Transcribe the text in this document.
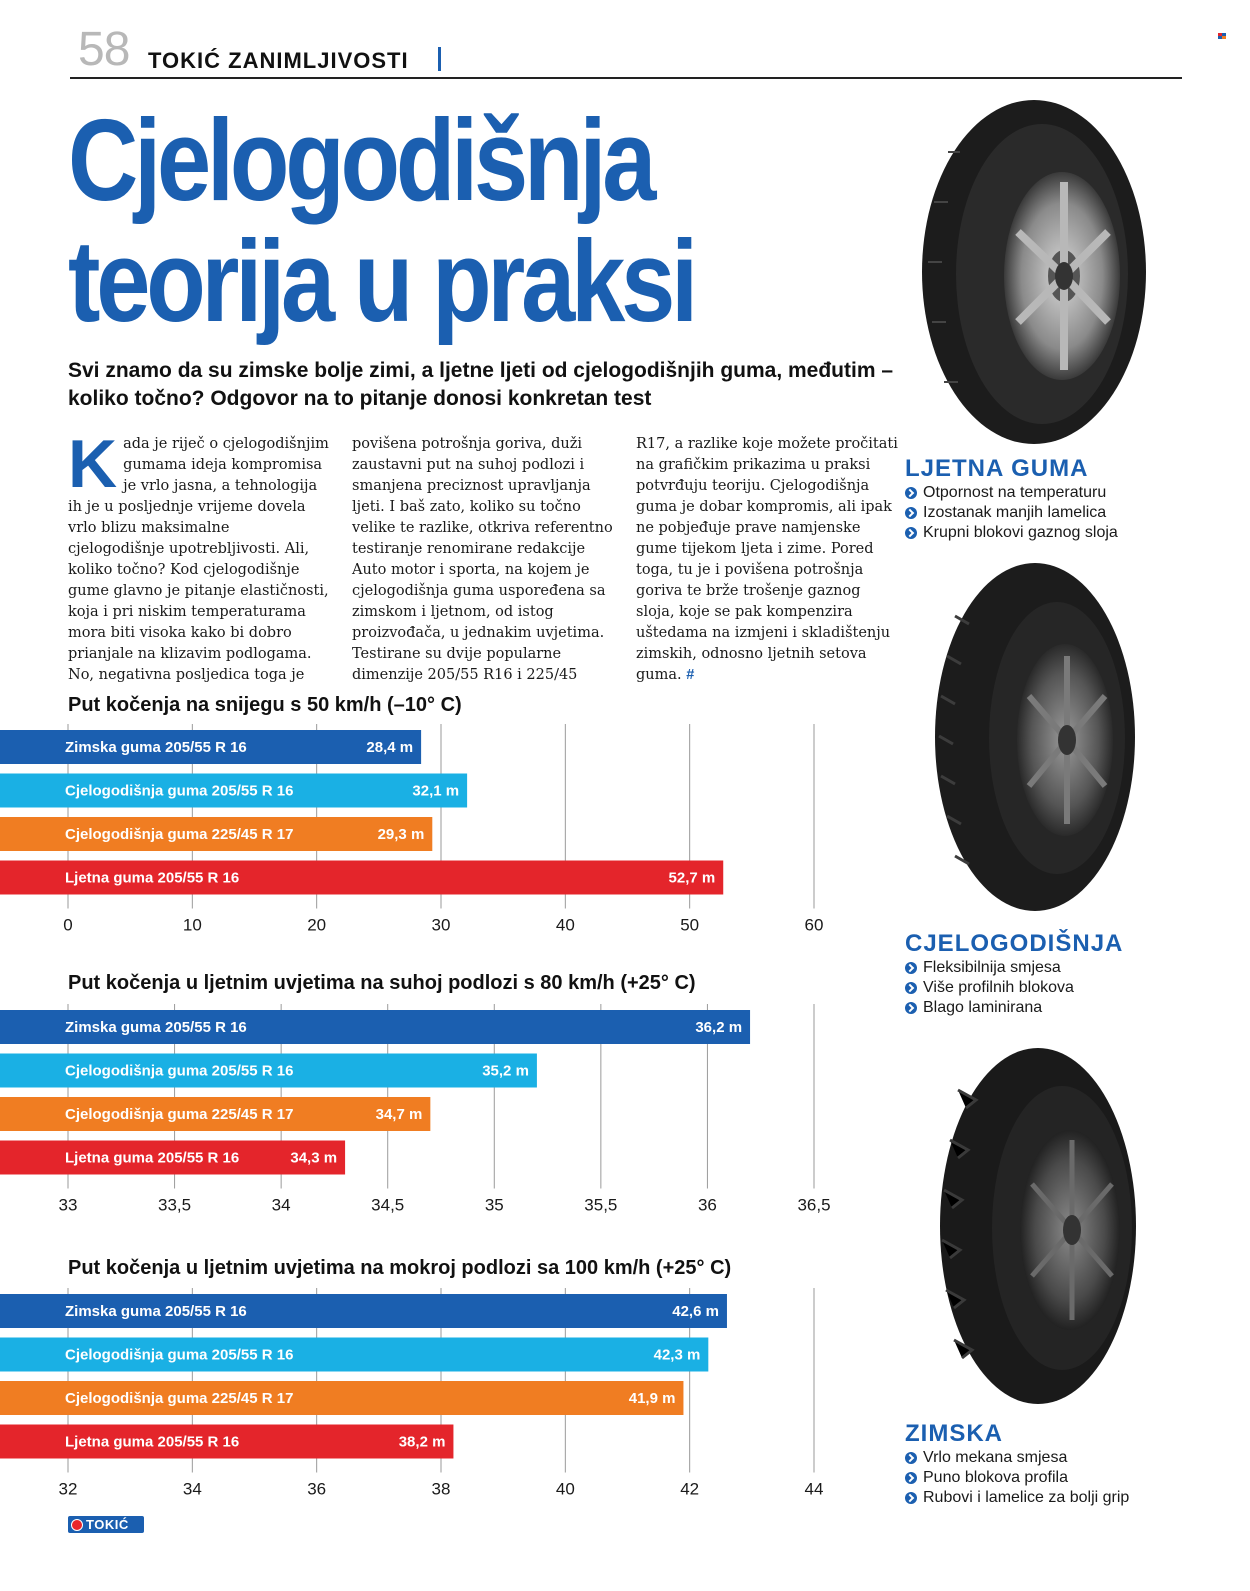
58 TOKIĆ ZANIMLJIVOSTI
Cjelogodišnja
teorija u praksi
Svi znamo da su zimske bolje zimi, a ljetne ljeti od cjelogodišnjih guma, međutim – koliko točno? Odgovor na to pitanje donosi konkretan test
Kada je riječ o cjelogodišnjim gumama ideja kompromisa je vrlo jasna, a tehnologija ih je u posljednje vrijeme dovela vrlo blizu maksimalne cjelogodišnje upotrebljivosti. Ali, koliko točno? Kod cjelogodišnje gume glavno je pitanje elastičnosti, koja i pri niskim temperaturama mora biti visoka kako bi dobro prianjale na klizavim podlogama. No, negativna posljedica toga je
povišena potrošnja goriva, duži zaustavni put na suhoj podlozi i smanjena preciznost upravljanja ljeti. I baš zato, koliko su točno velike te razlike, otkriva referentno testiranje renomirane redakcije Auto motor i sporta, na kojem je cjelogodišnja guma uspoređena sa zimskom i ljetnom, od istog proizvođača, u jednakim uvjetima. Testirane su dvije popularne dimenzije 205/55 R16 i 225/45
R17, a razlike koje možete pročitati na grafičkim prikazima u praksi potvrđuju teoriju. Cjelogodišnja guma je dobar kompromis, ali ipak ne pobjeđuje prave namjenske gume tijekom ljeta i zime. Pored toga, tu je i povišena potrošnja goriva te brže trošenje gaznog sloja, koje se pak kompenzira uštedama na izmjeni i skladištenju zimskih, odnosno ljetnih setova guma. #
Put kočenja na snijegu s 50 km/h (–10° C)
0	10	20	30	40	50	60
Zimska guma 205/55 R 16	28,4 m
Cjelogodišnja guma 205/55 R 16	32,1 m
Cjelogodišnja guma 225/45 R 17	29,3 m
Ljetna guma 205/55 R 16	52,7 m
Put kočenja u ljetnim uvjetima na suhoj podlozi s 80 km/h (+25° C)
33	33,5	34	34,5	35	35,5	36	36,5
Zimska guma 205/55 R 16	36,2 m
Cjelogodišnja guma 205/55 R 16	35,2 m
Cjelogodišnja guma 225/45 R 17	34,7 m
Ljetna guma 205/55 R 16	34,3 m
Put kočenja u ljetnim uvjetima na mokroj podlozi sa 100 km/h (+25° C)
32	34	36	38	40	42	44
Zimska guma 205/55 R 16	42,6 m
Cjelogodišnja guma 205/55 R 16	42,3 m
Cjelogodišnja guma 225/45 R 17	41,9 m
Ljetna guma 205/55 R 16	38,2 m
LJETNA GUMA
Otpornost na temperaturu
Izostanak manjih lamelica
Krupni blokovi gaznog sloja
CJELOGODIŠNJA
Fleksibilnija smjesa
Više profilnih blokova
Blago laminirana
ZIMSKA
Vrlo mekana smjesa
Puno blokova profila
Rubovi i lamelice za bolji grip
TOKIĆ
